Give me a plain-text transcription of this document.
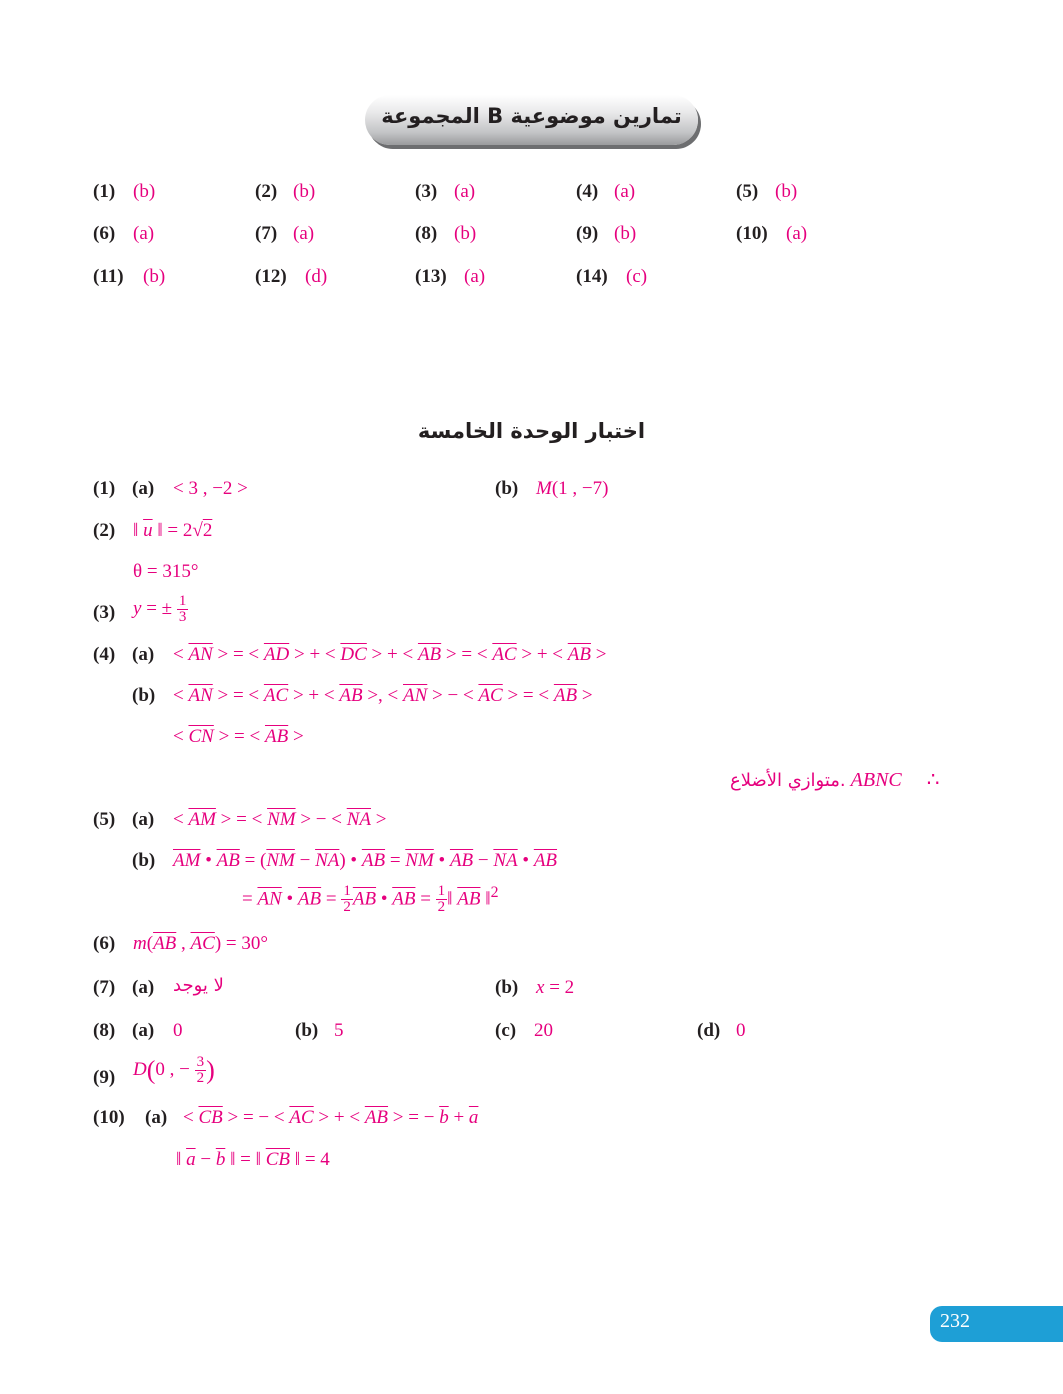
المجموعة B تمارين موضوعية
(1) (b)	(2) (b)	(3) (a)	(4) (a)	(5) (b)
(6) (a)	(7) (a)	(8) (b)	(9) (b)	(10) (a)
(11) (b)	(12) (d)	(13) (a)	(14) (c)
اختبار الوحدة الخامسة
(1) (a) < 3 , −2 >	(b) M(1 , −7)
(2) ‖ $\overline{u}$ ‖ = 2√2
θ = 315°
(3) y = ± $\frac{1}{3}$
(4) $(a) < \overline{AN}$ > = < $\overline{AD}$ > + < $\overline{DC}$ > + < $\overline{AB}$ > = < $\overline{AC}$ > + < $\overline{AB}$ >
$(b) < \overline{AN}$ > = < $\overline{AC}$ > + < $\overline{AB}$ >, < $\overline{AN}$ > − < $\overline{AC}$ > = < $\overline{AB}$ >
< $\overline{CN}$ > = < $\overline{AB}$ >
متوازي الأضلاع. ABNC     ∴
(5) $(a) < \overline{AM}$ > = < $\overline{NM}$ > − < $\overline{NA}$ >
(b) $\overline{AM}$ • $\overline{AB} = (\overline{NM} - \overline{NA})$ • $\overline{AB} = \overline{NM}$ • $\overline{AB} - \overline{NA}$ • $\overline{AB}$
= $\overline{AN}$ • $\overline{AB} = \frac{1}{2} \overline{AB}$ • $\overline{AB} = \frac{1}{2}$ ‖ $\overline{AB}$ ‖$^2$
(6) $m(\overline{AB}$ , $\overline{AC}) = 30^\circ$
(7) (a) لا يوجد	(b) x = 2
(8) (a) 0	(b) 5	(c) 20	(d) 0
(9) D(0 , − $\frac{3}{2}$ )
(10) $(a) < \overline{CB}$ > = − < $\overline{AC}$ > + < $\overline{AB}$ > = − $\overline{b} + \overline{a}$
‖ $\overline{a} - \overline{b}$ ‖ = ‖ $\overline{CB}$ ‖ = 4
232
